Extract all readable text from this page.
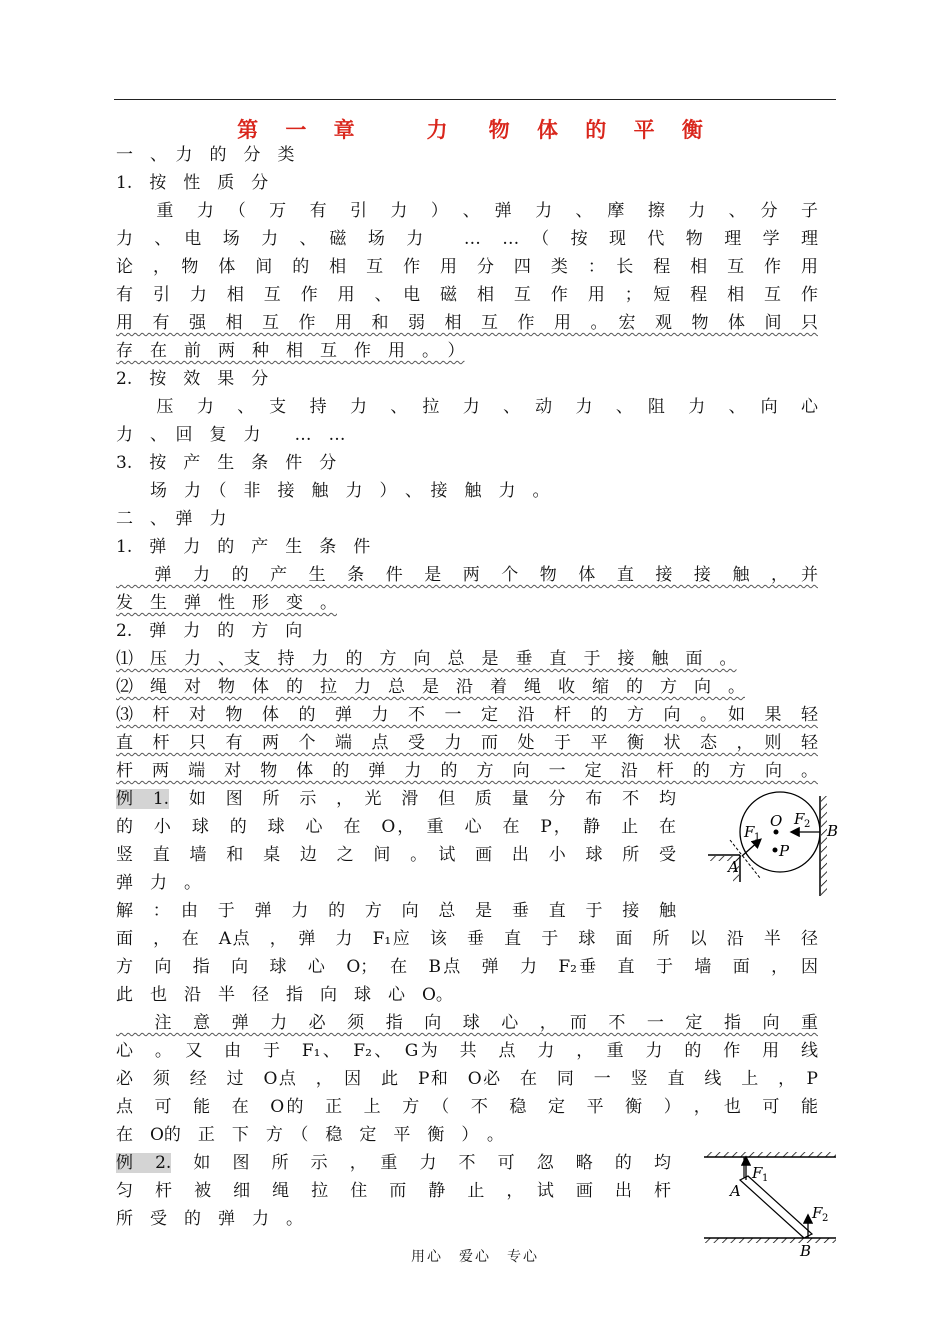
第 一 章　　力　物 体 的 平 衡
一　、　力　的　分　类
1.　按　性　质　分
　　重　力　（　万　有　引　力　）　、　弹　力　、　摩　擦　力　、　分　子
力　、　电　场　力　、　磁　场　力　　…　…　（　按　现　代　物　理　学　理
论　，　物　体　间　的　相　互　作　用　分　四　类　：　长　程　相　互　作　用
有　引　力　相　互　作　用　、　电　磁　相　互　作　用　；　短　程　相　互　作
用　有　强　相　互　作　用　和　弱　相　互　作　用　。　宏　观　物　体　间　只
存　在　前　两　种　相　互　作　用　。　）
2.　按　效　果　分
　　压　力　、　支　持　力　、　拉　力　、　动　力　、　阻　力　、　向　心
力　、　回　复　力　　…　…
3.　按　产　生　条　件　分
　　场　力　（　非　接　触　力　）　、　接　触　力　。
二　、　弹　力
1.　弹　力　的　产　生　条　件
　　弹　力　的　产　生　条　件　是　两　个　物　体　直　接　接　触　，　并
发　生　弹　性　形　变　。
2.　弹　力　的　方　向
⑴　压　力　、　支　持　力　的　方　向　总　是　垂　直　于　接　触　面　。
⑵　绳　对　物　体　的　拉　力　总　是　沿　着　绳　收　缩　的　方　向　。
⑶　杆　对　物　体　的　弹　力　不　一　定　沿　杆　的　方　向　。　如　果　轻
直　杆　只　有　两　个　端　点　受　力　而　处　于　平　衡　状　态　，　则　轻
杆　两　端　对　物　体　的　弹　力　的　方　向　一　定　沿　杆　的　方　向　。
例　1.　 如　图　所　示　，　光　滑　但　质　量　分　布　不　均
的　小　球　的　球　心　在　O，　重　心　在　P，　静　止　在
竖　直　墙　和　桌　边　之　间　。　试　画　出　小　球　所　受
弹　力　。
解　：　由　于　弹　力　的　方　向　总　是　垂　直　于　接　触
面　，　在　A点　，　弹　力　F₁应　该　垂　直　于　球　面　所　以　沿　半　径
方　向　指　向　球　心　O；　在　B点　弹　力　F₂垂　直　于　墙　面　，　因
此　也　沿　半　径　指　向　球　心　O。
　　注　意　弹　力　必　须　指　向　球　心　，　而　不　一　定　指　向　重
心　。　又　由　于　F₁、　F₂、　G为　共　点　力　，　重　力　的　作　用　线
必　须　经　过　O点　，　因　此　P和　O必　在　同　一　竖　直　线　上　，　P
点　可　能　在　O的　正　上　方　（　不　稳　定　平　衡　）　，　也　可　能
在　O的　正　下　方　（　稳　定　平　衡　）　。
例　2.　 如　图　所　示　，　重　力　不　可　忽　略　的　均
匀　杆　被　细　绳　拉　住　而　静　止　，　试　画　出　杆
所　受　的　弹　力　。
O
P
A
B
F 1
F 2
A
B
F 1
F 2
用心　爱心　专心
